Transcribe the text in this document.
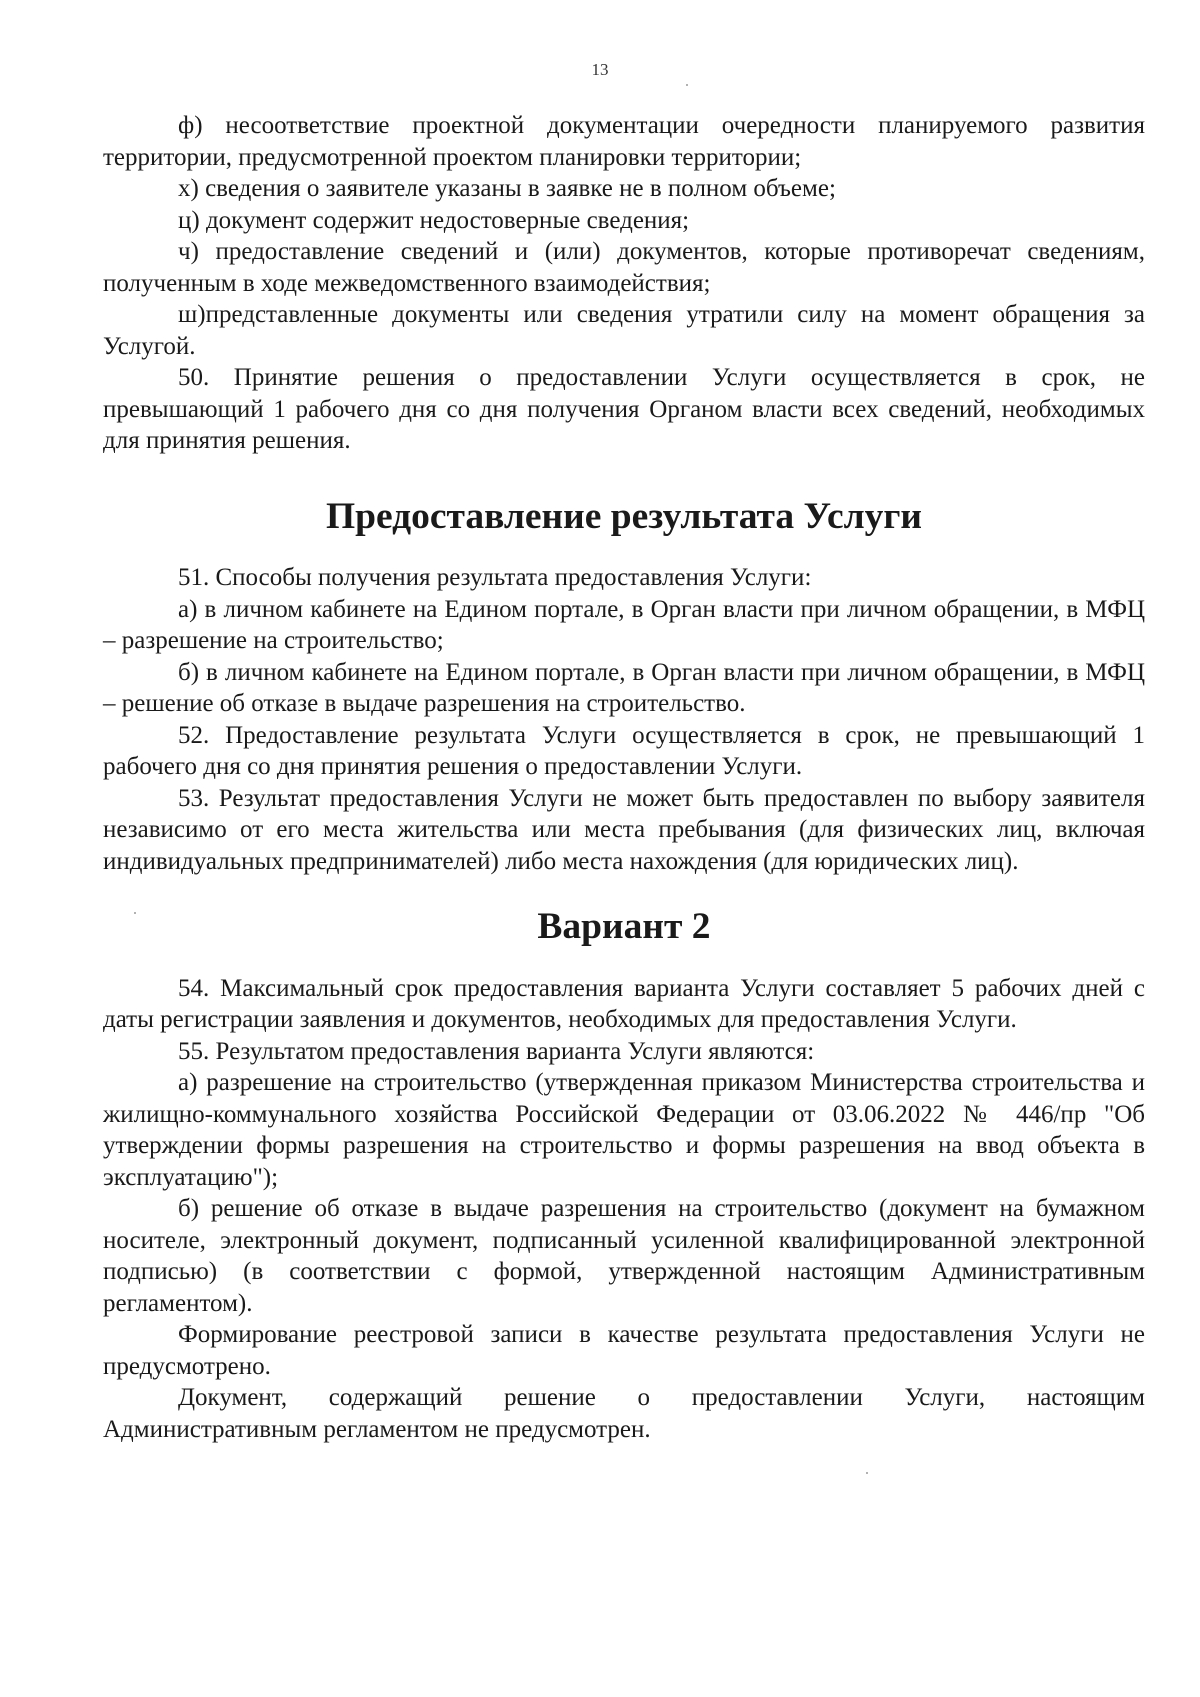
13

ф) несоответствие проектной документации очередности планируемого развития территории, предусмотренной проектом планировки территории;

х) сведения о заявителе указаны в заявке не в полном объеме;

ц) документ содержит недостоверные сведения;

ч) предоставление сведений и (или) документов, которые противоречат сведениям, полученным в ходе межведомственного взаимодействия;

ш)представленные документы или сведения утратили силу на момент обращения за Услугой.

50. Принятие решения о предоставлении Услуги осуществляется в срок, не превышающий 1 рабочего дня со дня получения Органом власти всех сведений, необходимых для принятия решения.

Предоставление результата Услуги

51. Способы получения результата предоставления Услуги:

а) в личном кабинете на Едином портале, в Орган власти при личном обращении, в МФЦ – разрешение на строительство;

б) в личном кабинете на Едином портале, в Орган власти при личном обращении, в МФЦ – решение об отказе в выдаче разрешения на строительство.

52. Предоставление результата Услуги осуществляется в срок, не превышающий 1 рабочего дня со дня принятия решения о предоставлении Услуги.

53. Результат предоставления Услуги не может быть предоставлен по выбору заявителя независимо от его места жительства или места пребывания (для физических лиц, включая индивидуальных предпринимателей) либо места нахождения (для юридических лиц).

Вариант 2

54. Максимальный срок предоставления варианта Услуги составляет 5 рабочих дней с даты регистрации заявления и документов, необходимых для предоставления Услуги.

55. Результатом предоставления варианта Услуги являются:

а) разрешение на строительство (утвержденная приказом Министерства строительства и жилищно-коммунального хозяйства Российской Федерации от 03.06.2022 № 446/пр "Об утверждении формы разрешения на строительство и формы разрешения на ввод объекта в эксплуатацию");

б) решение об отказе в выдаче разрешения на строительство (документ на бумажном носителе, электронный документ, подписанный усиленной квалифицированной электронной подписью) (в соответствии с формой, утвержденной настоящим Административным регламентом).

Формирование реестровой записи в качестве результата предоставления Услуги не предусмотрено.

Документ, содержащий решение о предоставлении Услуги, настоящим Административным регламентом не предусмотрен.
